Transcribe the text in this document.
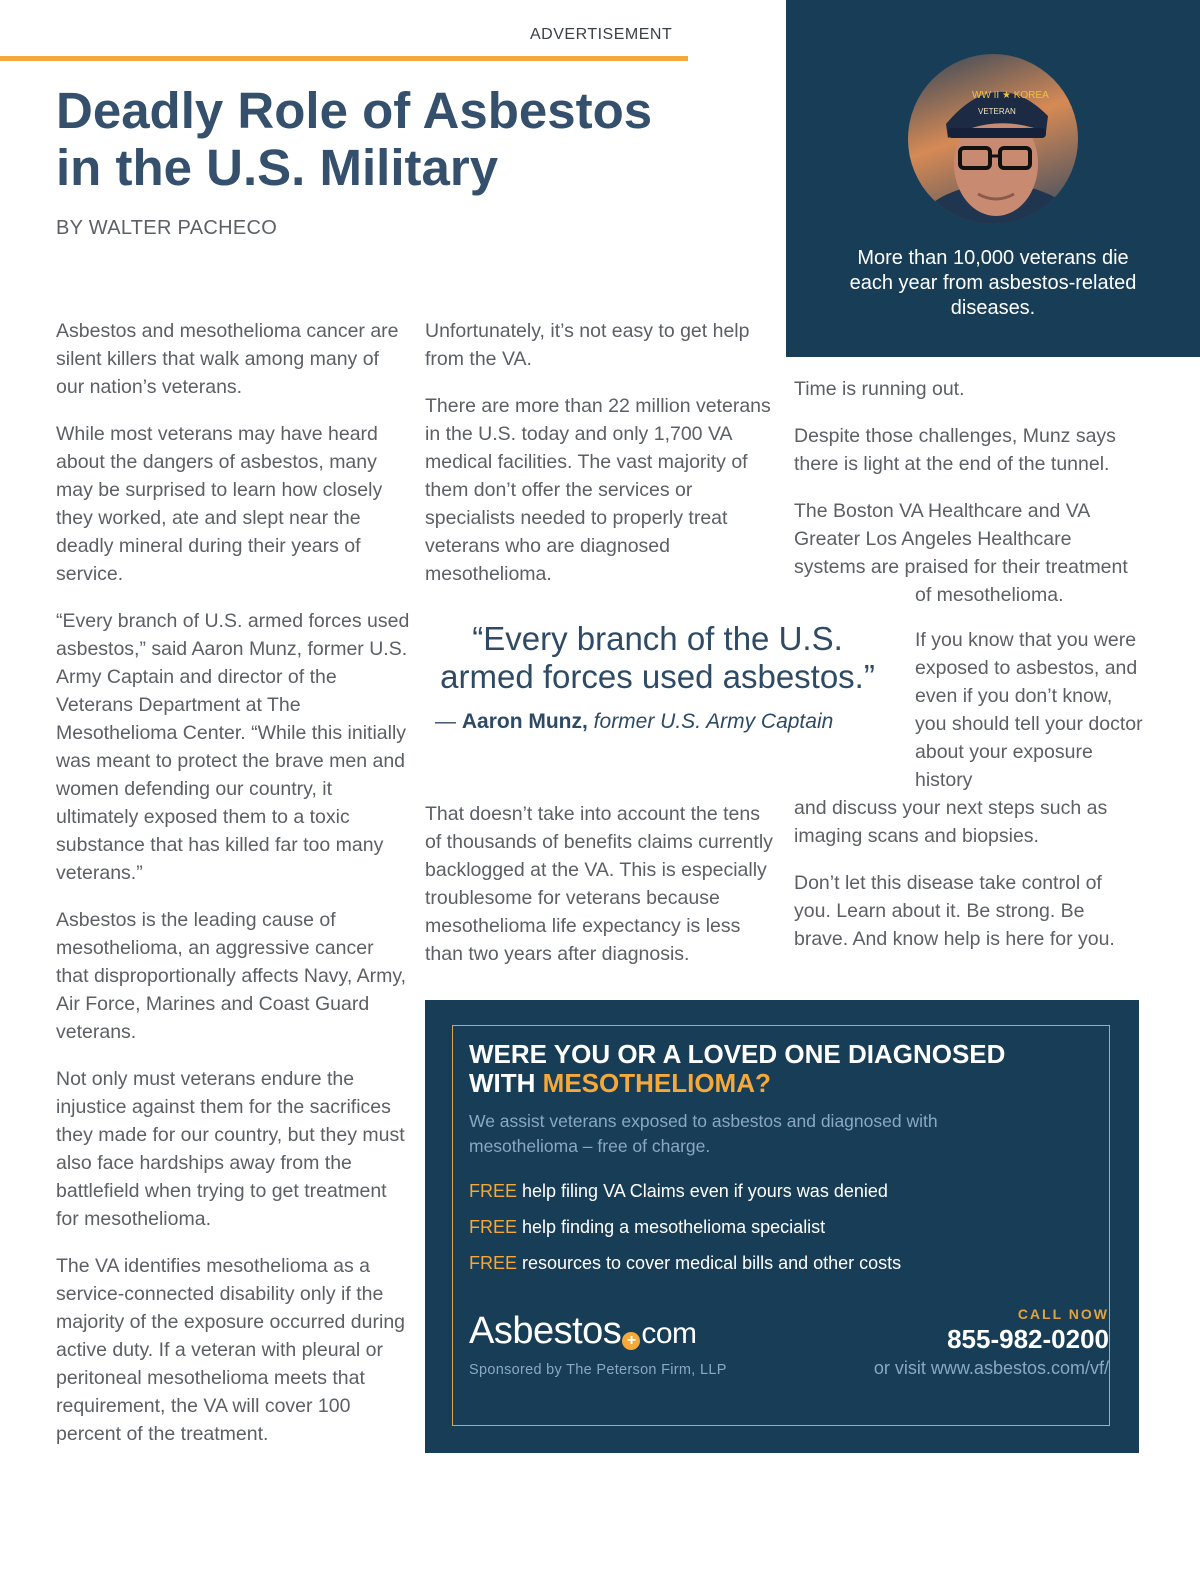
ADVERTISEMENT
Deadly Role of Asbestos in the U.S. Military
BY WALTER PACHECO
WW II ★ KOREA
VETERAN

More than 10,000 veterans die each year from asbestos-related diseases.

Asbestos and mesothelioma cancer are silent killers that walk among many of our nation’s veterans.

While most veterans may have heard about the dangers of asbestos, many may be surprised to learn how closely they worked, ate and slept near the deadly mineral during their years of service.

“Every branch of U.S. armed forces used asbestos,” said Aaron Munz, former U.S. Army Captain and director of the Veterans Department at The Mesothelioma Center. “While this initially was meant to protect the brave men and women defending our country, it ultimately exposed them to a toxic substance that has killed far too many veterans.”

Asbestos is the leading cause of mesothelioma, an aggressive cancer that disproportionally affects Navy, Army, Air Force, Marines and Coast Guard veterans.

Not only must veterans endure the injustice against them for the sacrifices they made for our country, but they must also face hardships away from the battlefield when trying to get treatment for mesothelioma.

The VA identifies mesothelioma as a service-connected disability only if the majority of the exposure occurred during active duty. If a veteran with pleural or peritoneal mesothelioma meets that requirement, the VA will cover 100 percent of the treatment.

Unfortunately, it’s not easy to get help from the VA.

There are more than 22 million veterans in the U.S. today and only 1,700 VA medical facilities. The vast majority of them don’t offer the services or specialists needed to properly treat veterans who are diagnosed mesothelioma.

“Every branch of the U.S. armed forces used asbestos.”

— Aaron Munz, former U.S. Army Captain

That doesn’t take into account the tens of thousands of benefits claims currently backlogged at the VA. This is especially troublesome for veterans because mesothelioma life expectancy is less than two years after diagnosis.

Time is running out.

Despite those challenges, Munz says there is light at the end of the tunnel.

The Boston VA Healthcare and VA Greater Los Angeles Healthcare systems are praised for their treatment

of mesothelioma.

If you know that you were exposed to asbestos, and even if you don’t know, you should tell your doctor about your exposure history

and discuss your next steps such as imaging scans and biopsies.

Don’t let this disease take control of you. Learn about it. Be strong. Be brave. And know help is here for you.

WERE YOU OR A LOVED ONE DIAGNOSED WITH MESOTHELIOMA?
We assist veterans exposed to asbestos and diagnosed with mesothelioma – free of charge.
FREE help filing VA Claims even if yours was denied
FREE help finding a mesothelioma specialist
FREE resources to cover medical bills and other costs
Asbestos + com
Sponsored by The Peterson Firm, LLP
CALL NOW
855-982-0200
or visit www.asbestos.com/vf/
